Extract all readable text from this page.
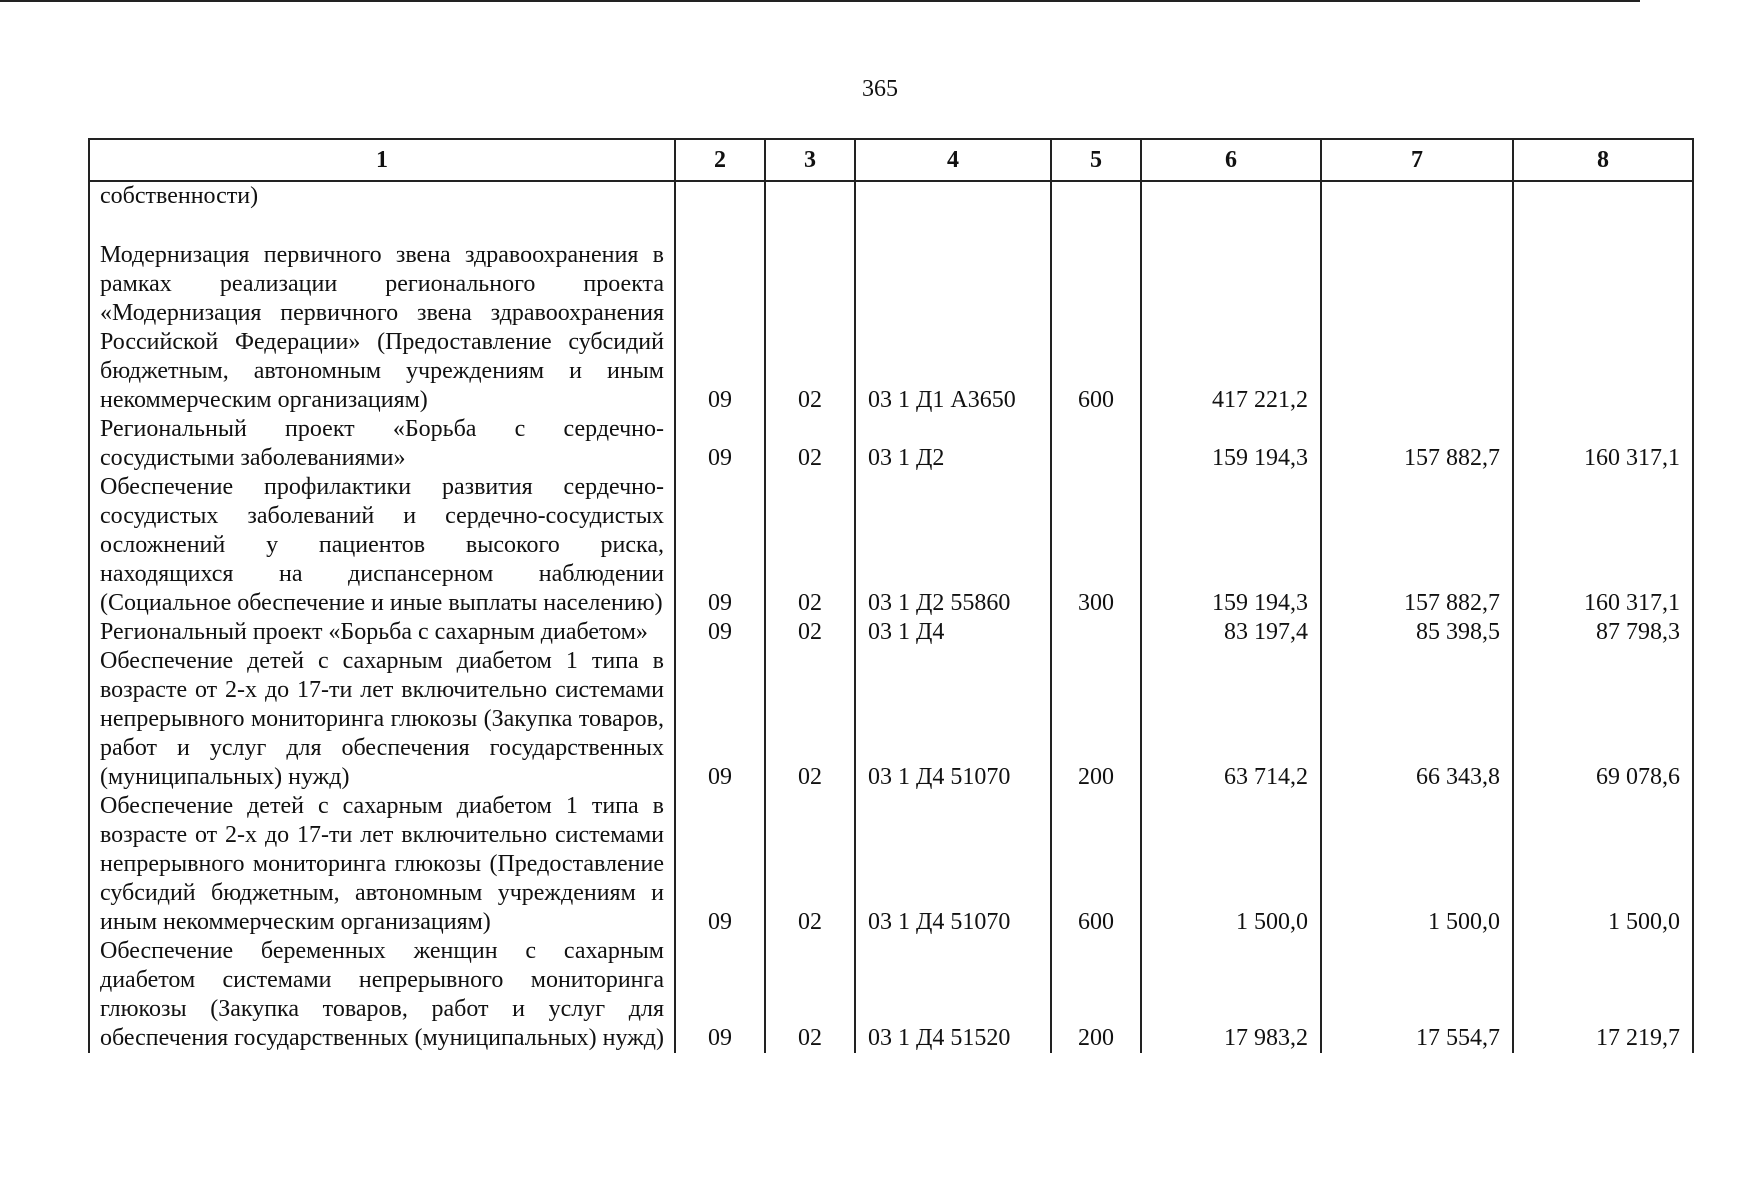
365
1	2	3	4	5	6	7	8
собственности)							

Модернизация первичного звена здравоохранения в рамках реализации регионального проекта «Модернизация первичного звена здравоохранения Российской Федерации» (Предоставление субсидий бюджетным, автономным учреждениям и иным некоммерческим организациям)	09	02	03 1 Д1 А3650	600	417 221,2		
Региональный проект «Борьба с сердечно-сосудистыми заболеваниями»	09	02	03 1 Д2		159 194,3	157 882,7	160 317,1
Обеспечение профилактики развития сердечно-сосудистых заболеваний и сердечно-сосудистых осложнений у пациентов высокого риска, находящихся на диспансерном наблюдении (Социальное обеспечение и иные выплаты населению)	09	02	03 1 Д2 55860	300	159 194,3	157 882,7	160 317,1
Региональный проект «Борьба с сахарным диабетом»	09	02	03 1 Д4		83 197,4	85 398,5	87 798,3
Обеспечение детей с сахарным диабетом 1 типа в возрасте от 2-х до 17-ти лет включительно системами непрерывного мониторинга глюкозы (Закупка товаров, работ и услуг для обеспечения государственных (муниципальных) нужд)	09	02	03 1 Д4 51070	200	63 714,2	66 343,8	69 078,6
Обеспечение детей с сахарным диабетом 1 типа в возрасте от 2-х до 17-ти лет включительно системами непрерывного мониторинга глюкозы (Предоставление субсидий бюджетным, автономным учреждениям и иным некоммерческим организациям)	09	02	03 1 Д4 51070	600	1 500,0	1 500,0	1 500,0
Обеспечение беременных женщин с сахарным диабетом системами непрерывного мониторинга глюкозы (Закупка товаров, работ и услуг для обеспечения государственных (муниципальных) нужд)	09	02	03 1 Д4 51520	200	17 983,2	17 554,7	17 219,7
